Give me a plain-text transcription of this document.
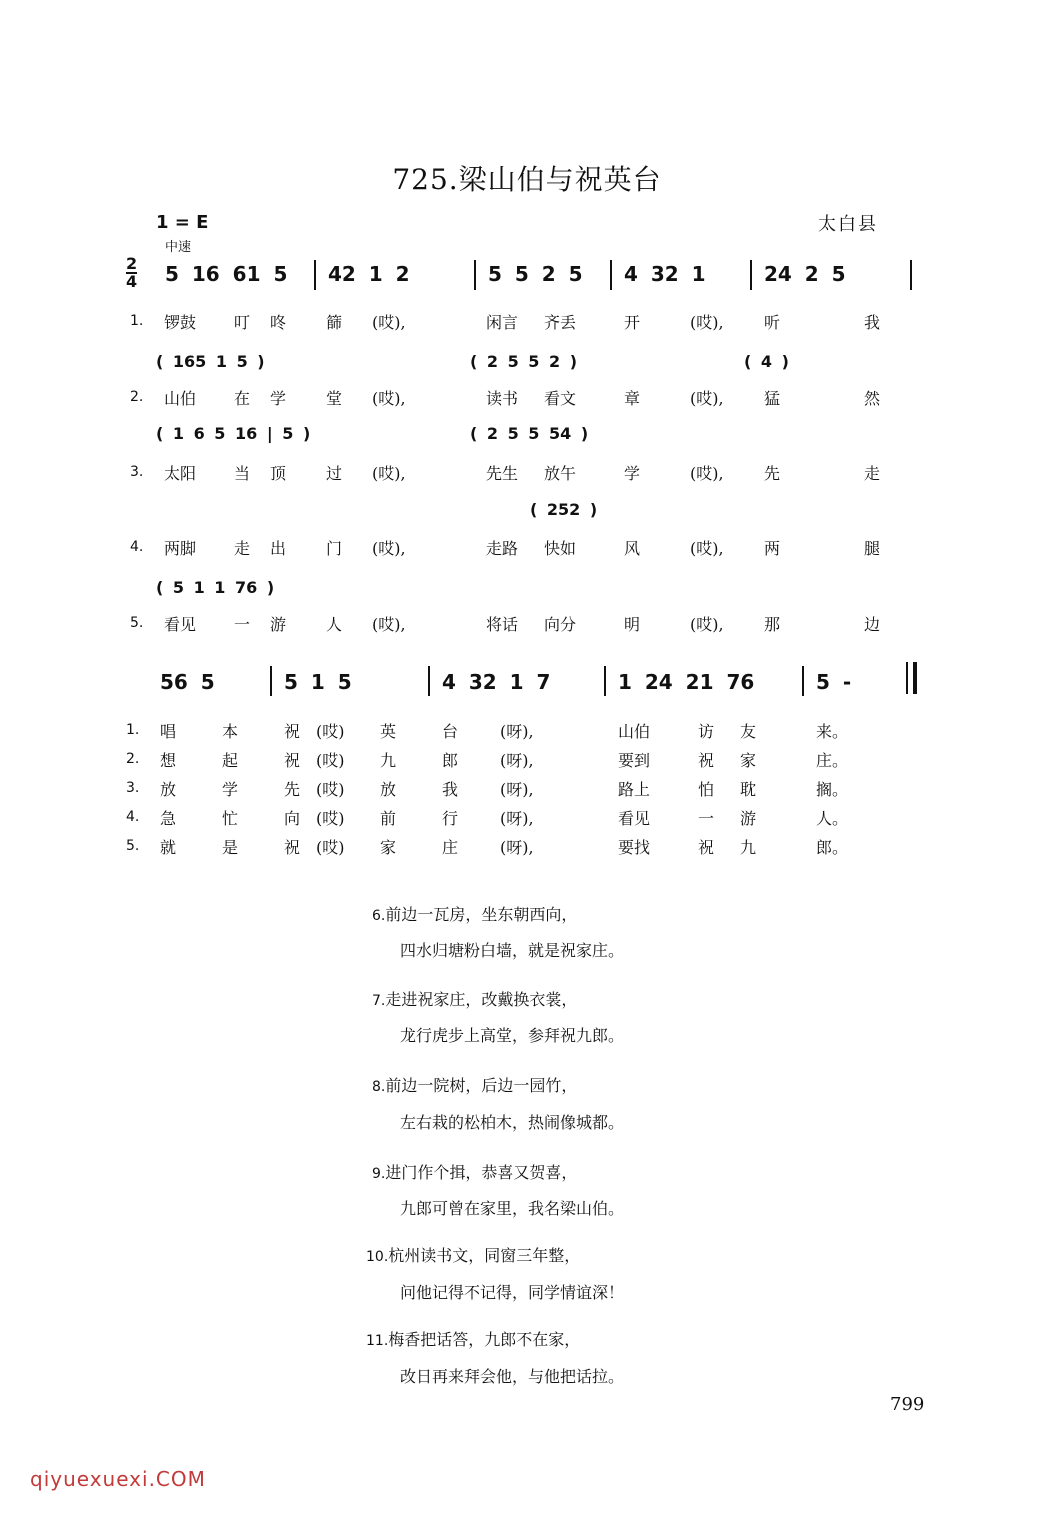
725.梁山伯与祝英台
1 = E
中速
太白县
2
4 5 16 61 5 42 1 2	5 5 2 5 4 32 1	24 2 5
1. 锣鼓 叮 咚 篩 (哎),	闲言 齐丢	开	(哎),	听	我
( 165 1 5 )	( 2 5 5 2 )	( 4 )
2. 山伯 在 学 堂 (哎),	读书 看文	章	(哎),	猛	然
( 1 6 5 16 | 5 )	( 2 5 5 54 )
3. 太阳 当 顶 过 (哎),	先生 放午	学	(哎),	先	走
( 252 )
4. 两脚 走 出 门 (哎),	走路 快如	风	(哎),	两	腿
( 5 1 1 76 )
5. 看见 一 游 人 (哎),	将话 向分	明	(哎),	那	边
56 5	5 1 5	4 32 1 7	1 24 21 76	5 -
1. 唱	本	祝 (哎) 英	台	(呀),	山伯	访 友	来。
2. 想	起	祝 (哎) 九	郎	(呀),	要到	祝 家	庄。
3. 放	学	先 (哎) 放	我	(呀),	路上	怕 耽	搁。
4. 急	忙	向 (哎) 前	行	(呀),	看见	一 游	人。
5. 就	是	祝 (哎) 家	庄	(呀),	要找	祝 九	郎。
6.前边一瓦房，坐东朝西向，
四水归塘粉白墙，就是祝家庄。
7.走进祝家庄，改戴换衣裳，
龙行虎步上高堂，参拜祝九郎。
8.前边一院树，后边一园竹，
左右栽的松柏木，热闹像城都。
9.进门作个揖，恭喜又贺喜，
九郎可曾在家里，我名梁山伯。
10.杭州读书文，同窗三年整，
问他记得不记得，同学情谊深！
11.梅香把话答，九郎不在家，
改日再来拜会他，与他把话拉。
799
qiyuexuexi.COM
